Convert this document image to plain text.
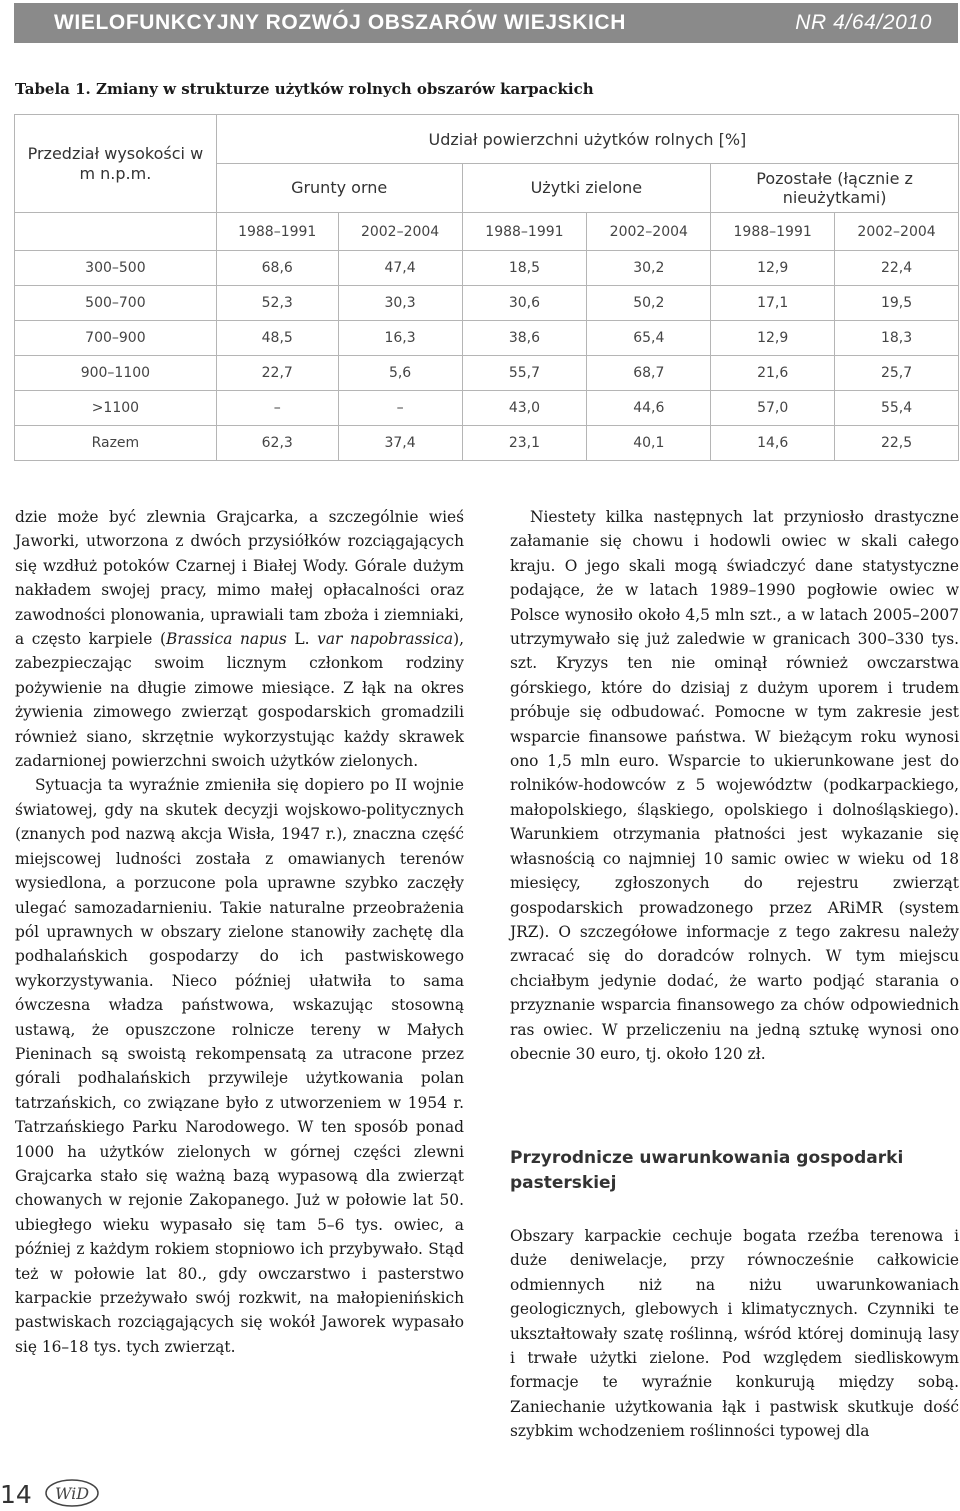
WIELOFUNKCYJNY ROZWÓJ OBSZARÓW WIEJSKICH	NR 4/64/2010
Tabela 1. Zmiany w strukturze użytków rolnych obszarów karpackich
Przedział wysokości w m n.p.m.	Udział powierzchni użytków rolnych [%]					
	Grunty orne		Użytki zielone		Pozostałe (łącznie z nieużytkami)	
	1988–1991	2002–2004	1988–1991	2002–2004	1988–1991	2002–2004
300–500	68,6	47,4	18,5	30,2	12,9	22,4
500–700	52,3	30,3	30,6	50,2	17,1	19,5
700–900	48,5	16,3	38,6	65,4	12,9	18,3
900–1100	22,7	5,6	55,7	68,7	21,6	25,7
>1100	–	–	43,0	44,6	57,0	55,4
Razem	62,3	37,4	23,1	40,1	14,6	22,5

dzie może być zlewnia Grajcarka, a szczególnie wieś Jaworki, utworzona z dwóch przysiółków rozciągających się wzdłuż potoków Czarnej i Białej Wody. Górale dużym nakładem swojej pracy, mimo małej opłacalności oraz zawodności plonowania, uprawiali tam zboża i ziemniaki, a często karpiele (Brassica napus L. var napobrassica), zabezpieczając swoim licznym członkom rodziny pożywienie na długie zimowe miesiące. Z łąk na okres żywienia zimowego zwierząt gospodarskich gromadzili również siano, skrzętnie wykorzystując każdy skrawek zadarnionej powierzchni swoich użytków zielonych.

Sytuacja ta wyraźnie zmieniła się dopiero po II wojnie światowej, gdy na skutek decyzji wojskowo-politycznych (znanych pod nazwą akcja Wisła, 1947 r.), znaczna część miejscowej ludności została z omawianych terenów wysiedlona, a porzucone pola uprawne szybko zaczęły ulegać samozadarnieniu. Takie naturalne przeobrażenia pól uprawnych w obszary zielone stanowiły zachętę dla podhalańskich gospodarzy do ich pastwiskowego wykorzystywania. Nieco później ułatwiła to sama ówczesna władza państwowa, wskazując stosowną ustawą, że opuszczone rolnicze tereny w Małych Pieninach są swoistą rekompensatą za utracone przez górali podhalańskich przywileje użytkowania polan tatrzańskich, co związane było z utworzeniem w 1954 r. Tatrzańskiego Parku Narodowego. W ten sposób ponad 1000 ha użytków zielonych w górnej części zlewni Grajcarka stało się ważną bazą wypasową dla zwierząt chowanych w rejonie Zakopanego. Już w połowie lat 50. ubiegłego wieku wypasało się tam 5–6 tys. owiec, a później z każdym rokiem stopniowo ich przybywało. Stąd też w połowie lat 80., gdy owczarstwo i pasterstwo karpackie przeżywało swój rozkwit, na małopienińskich pastwiskach rozciągających się wokół Jaworek wypasało się 16–18 tys. tych zwierząt.

Niestety kilka następnych lat przyniosło drastyczne załamanie się chowu i hodowli owiec w skali całego kraju. O jego skali mogą świadczyć dane statystyczne podające, że w latach 1989–1990 pogłowie owiec w Polsce wynosiło około 4,5 mln szt., a w latach 2005–2007 utrzymywało się już zaledwie w granicach 300–330 tys. szt. Kryzys ten nie ominął również owczarstwa górskiego, które do dzisiaj z dużym uporem i trudem próbuje się odbudować. Pomocne w tym zakresie jest wsparcie finansowe państwa. W bieżącym roku wynosi ono 1,5 mln euro. Wsparcie to ukierunkowane jest do rolników-hodowców z 5 województw (podkarpackiego, małopolskiego, śląskiego, opolskiego i dolnośląskiego). Warunkiem otrzymania płatności jest wykazanie się własnością co najmniej 10 samic owiec w wieku od 18 miesięcy, zgłoszonych do rejestru zwierząt gospodarskich prowadzonego przez ARiMR (system JRZ). O szczegółowe informacje z tego zakresu należy zwracać się do doradców rolnych. W tym miejscu chciałbym jedynie dodać, że warto podjąć starania o przyznanie wsparcia finansowego za chów odpowiednich ras owiec. W przeliczeniu na jedną sztukę wynosi ono obecnie 30 euro, tj. około 120 zł.

Przyrodnicze uwarunkowania gospodarki pasterskiej

Obszary karpackie cechuje bogata rzeźba terenowa i duże deniwelacje, przy równocześnie całkowicie odmiennych niż na niżu uwarunkowaniach geologicznych, glebowych i klimatycznych. Czynniki te ukształtowały szatę roślinną, wśród której dominują lasy i trwałe użytki zielone. Pod względem siedliskowym formacje te wyraźnie konkurują między sobą. Zaniechanie użytkowania łąk i pastwisk skutkuje dość szybkim wchodzeniem roślinności typowej dla

14 WiD
